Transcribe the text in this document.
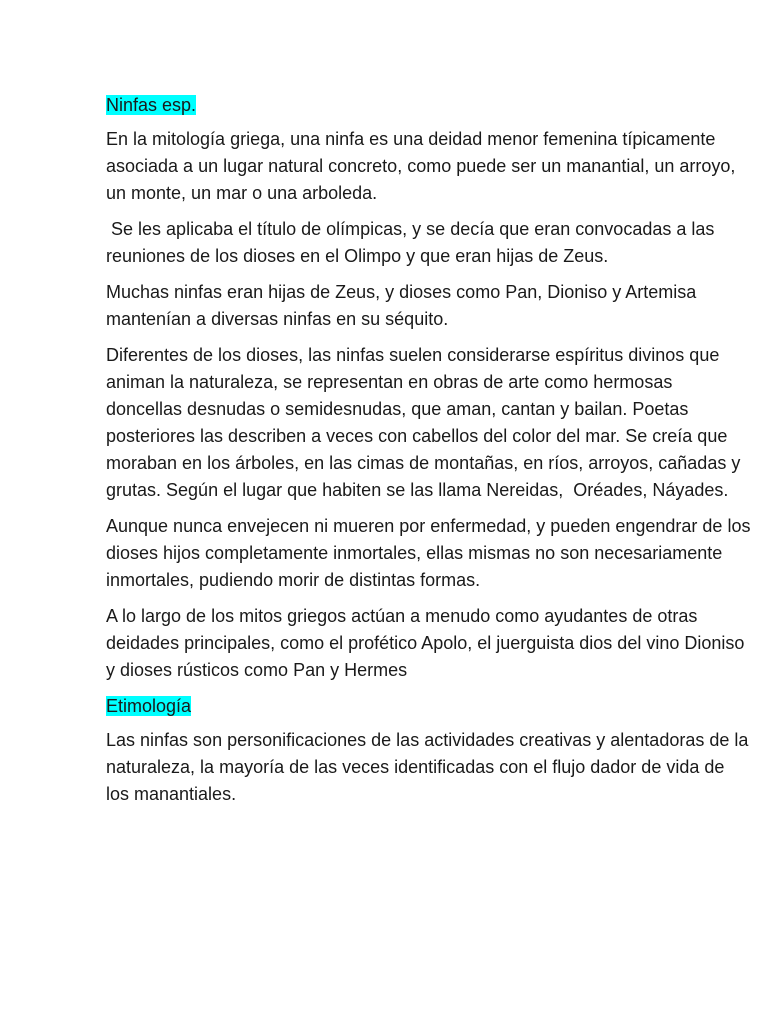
Ninfas esp.

En la mitología griega, una ninfa es una deidad menor femenina típicamente asociada a un lugar natural concreto, como puede ser un manantial, un arroyo, un monte, un mar o una arboleda.

Se les aplicaba el título de olímpicas, y se decía que eran convocadas a las reuniones de los dioses en el Olimpo y que eran hijas de Zeus.

Muchas ninfas eran hijas de Zeus, y dioses como Pan, Dioniso y Artemisa mantenían a diversas ninfas en su séquito.

Diferentes de los dioses, las ninfas suelen considerarse espíritus divinos que animan la naturaleza, se representan en obras de arte como hermosas doncellas desnudas o semidesnudas, que aman, cantan y bailan. Poetas posteriores las describen a veces con cabellos del color del mar. Se creía que moraban en los árboles, en las cimas de montañas, en ríos, arroyos, cañadas y grutas. Según el lugar que habiten se las llama Nereidas,  Oréades, Náyades.

Aunque nunca envejecen ni mueren por enfermedad, y pueden engendrar de los dioses hijos completamente inmortales, ellas mismas no son necesariamente inmortales, pudiendo morir de distintas formas.

A lo largo de los mitos griegos actúan a menudo como ayudantes de otras deidades principales, como el profético Apolo, el juerguista dios del vino Dioniso y dioses rústicos como Pan y Hermes

Etimología

Las ninfas son personificaciones de las actividades creativas y alentadoras de la naturaleza, la mayoría de las veces identificadas con el flujo dador de vida de los manantiales.
